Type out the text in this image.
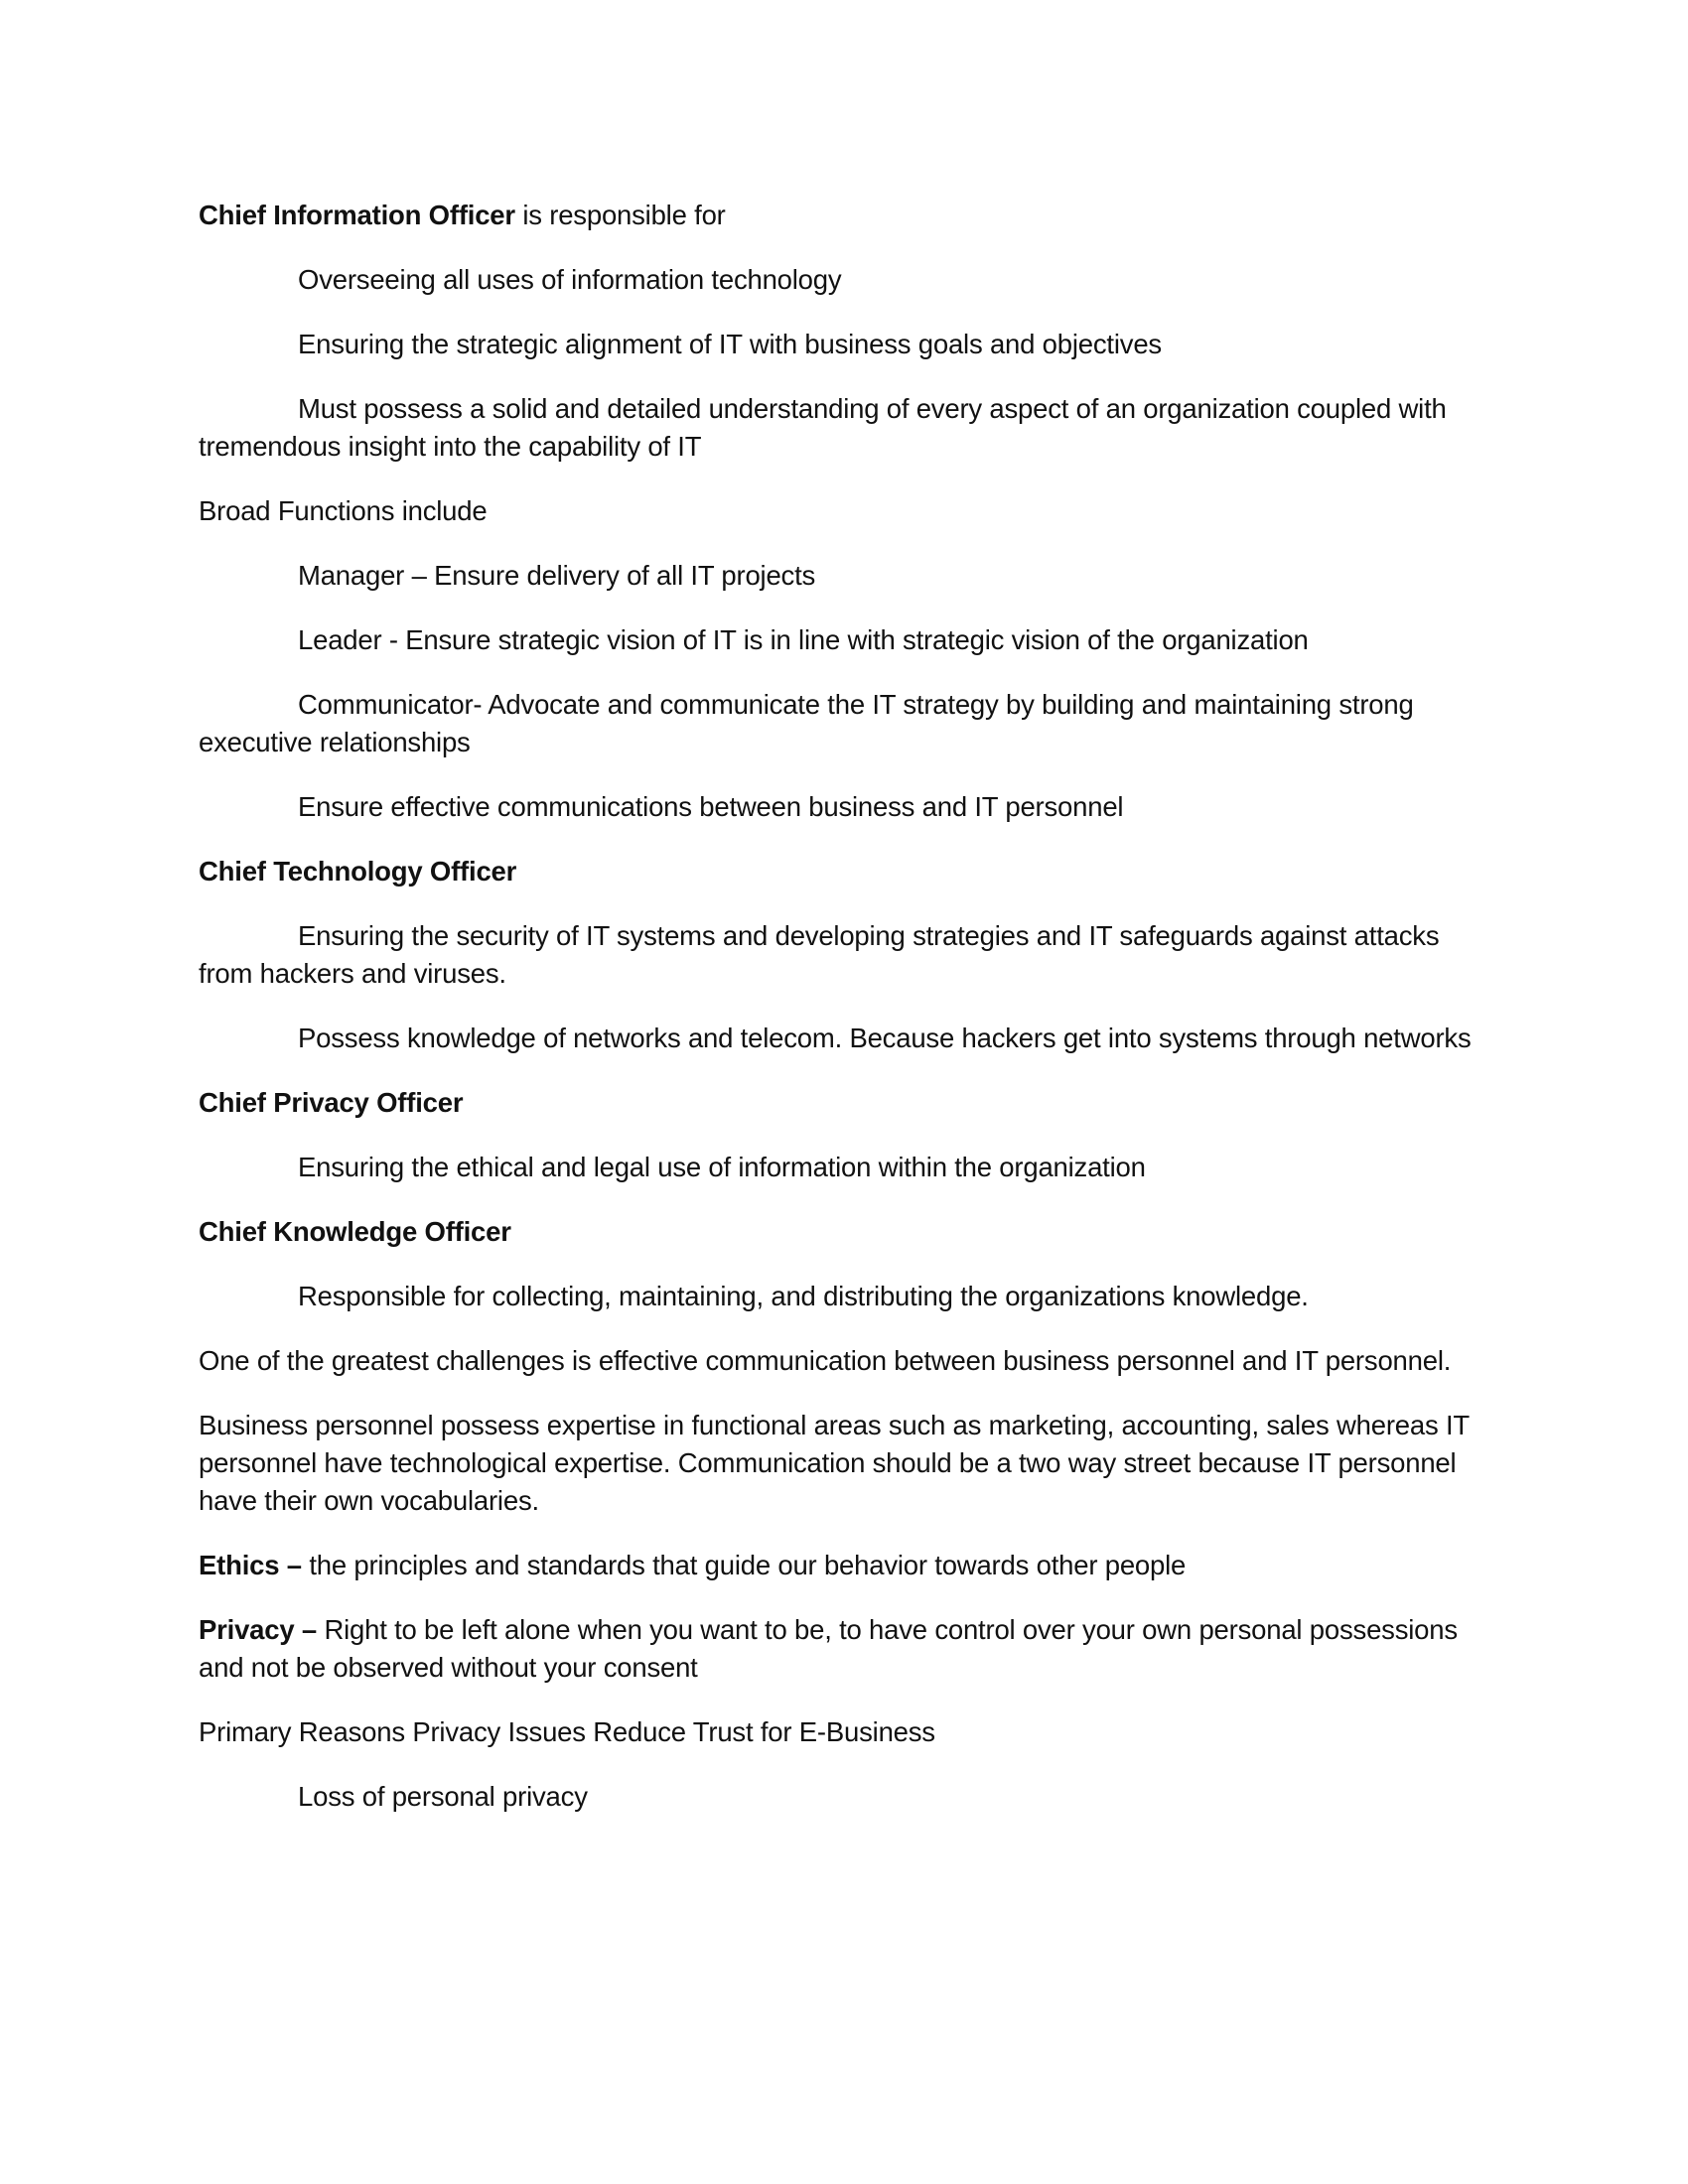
Chief Information Officer is responsible for

Overseeing all uses of information technology

Ensuring the strategic alignment of IT with business goals and objectives

Must possess a solid and detailed understanding of every aspect of an organization coupled with tremendous insight into the capability of IT

Broad Functions include

Manager – Ensure delivery of all IT projects

Leader - Ensure strategic vision of IT is in line with strategic vision of the organization

Communicator- Advocate and communicate the IT strategy by building and maintaining strong executive relationships

Ensure effective communications between business and IT personnel

Chief Technology Officer

Ensuring the security of IT systems and developing strategies and IT safeguards against attacks from hackers and viruses.

Possess knowledge of networks and telecom. Because hackers get into systems through networks

Chief Privacy Officer

Ensuring the ethical and legal use of information within the organization

Chief Knowledge Officer

Responsible for collecting, maintaining, and distributing the organizations knowledge.

One of the greatest challenges is effective communication between business personnel and IT personnel.

Business personnel possess expertise in functional areas such as marketing, accounting, sales whereas IT personnel have technological expertise. Communication should be a two way street because IT personnel have their own vocabularies.

Ethics – the principles and standards that guide our behavior towards other people

Privacy – Right to be left alone when you want to be, to have control over your own personal possessions and not be observed without your consent

Primary Reasons Privacy Issues Reduce Trust for E-Business

Loss of personal privacy
